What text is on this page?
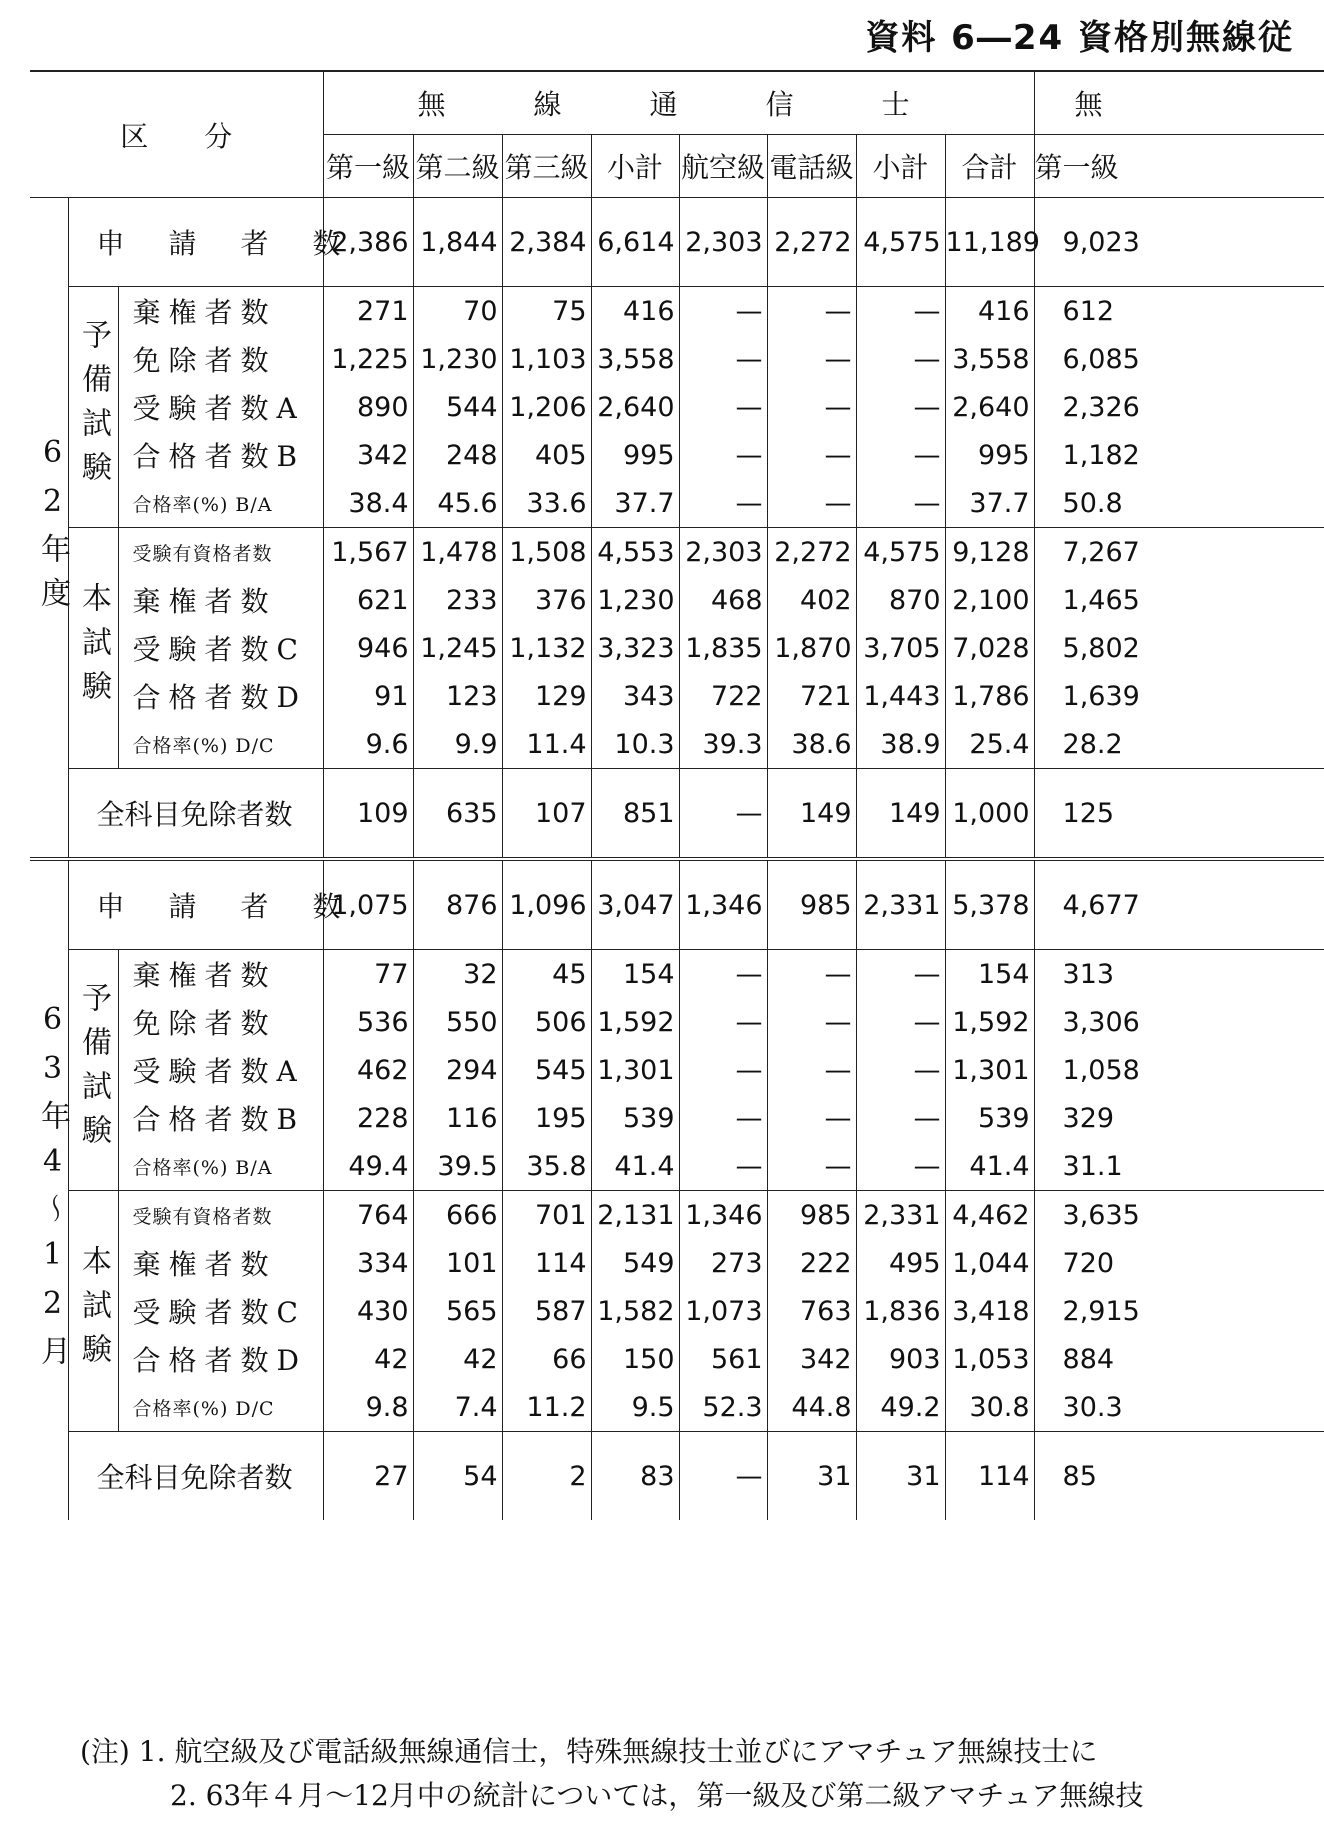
資料 6―24 資格別無線従
区　　分			無　線　通　信　士								無
			第一級	第二級	第三級	小計	航空級	電話級	小計	合計	第一級

62年度	申　請　者　数		2,386	1,844	2,384	6,614	2,303	2,272	4,575	11,189	9,023

	予備試験	棄権者数	271	70	75	416	—	—	—	416	612
		免除者数	1,225	1,230	1,103	3,558	—	—	—	3,558	6,085
		受験者数A	890	544	1,206	2,640	—	—	—	2,640	2,326
		合格者数B	342	248	405	995	—	—	—	995	1,182
		合格率(%) B/A	38.4	45.6	33.6	37.7	—	—	—	37.7	50.8

	本試験	受験有資格者数	1,567	1,478	1,508	4,553	2,303	2,272	4,575	9,128	7,267
		棄権者数	621	233	376	1,230	468	402	870	2,100	1,465
		受験者数C	946	1,245	1,132	3,323	1,835	1,870	3,705	7,028	5,802
		合格者数D	91	123	129	343	722	721	1,443	1,786	1,639
		合格率(%) D/C	9.6	9.9	11.4	10.3	39.3	38.6	38.9	25.4	28.2
	全科目免除者数		109	635	107	851	—	149	149	1,000	125

63年4〜12月	申　請　者　数		1,075	876	1,096	3,047	1,346	985	2,331	5,378	4,677

	予備試験	棄権者数	77	32	45	154	—	—	—	154	313
		免除者数	536	550	506	1,592	—	—	—	1,592	3,306
		受験者数A	462	294	545	1,301	—	—	—	1,301	1,058
		合格者数B	228	116	195	539	—	—	—	539	329
		合格率(%) B/A	49.4	39.5	35.8	41.4	—	—	—	41.4	31.1

	本試験	受験有資格者数	764	666	701	2,131	1,346	985	2,331	4,462	3,635
		棄権者数	334	101	114	549	273	222	495	1,044	720
		受験者数C	430	565	587	1,582	1,073	763	1,836	3,418	2,915
		合格者数D	42	42	66	150	561	342	903	1,053	884
		合格率(%) D/C	9.8	7.4	11.2	9.5	52.3	44.8	49.2	30.8	30.3
	全科目免除者数		27	54	2	83	—	31	31	114	85
(注) 1. 航空級及び電話級無線通信士，特殊無線技士並びにアマチュア無線技士に
2. 63年４月〜12月中の統計については，第一級及び第二級アマチュア無線技
